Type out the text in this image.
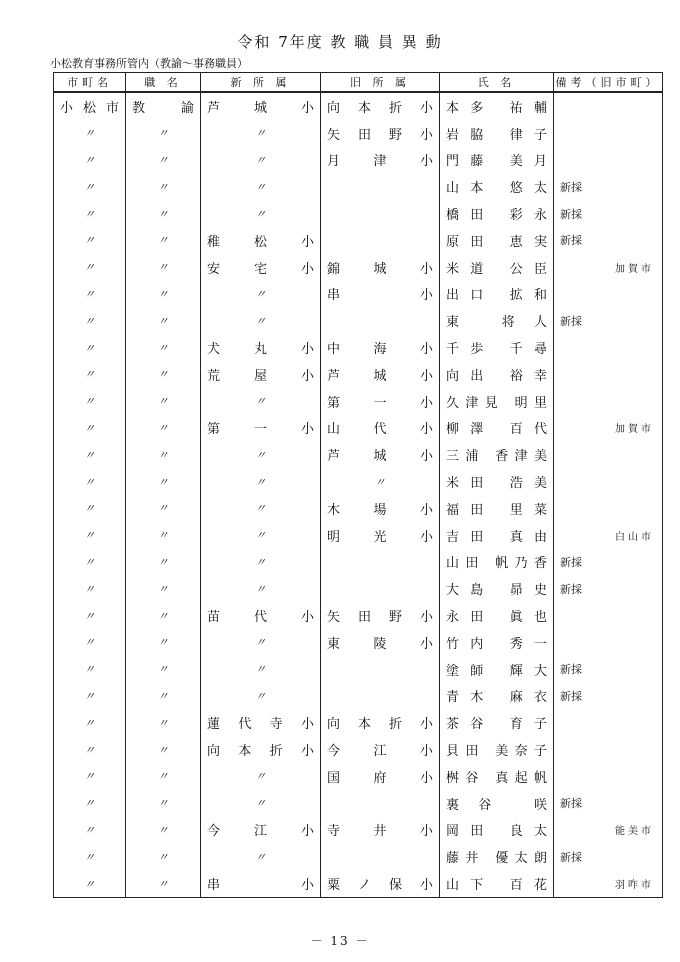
令和 7年度 教 職 員 異 動
小松教育事務所管内（教諭～事務職員）
市町名	職 名	新 所 属	旧 所 属	氏 名	備考（旧市町）

小松市	教諭	芦城小	向本折小	本多 祐輔	

〃	〃	〃	矢田野小	岩脇 律子	

〃	〃	〃	月津小	門藤 美月	

〃	〃	〃		山本 悠太	新採
〃	〃	〃		橋田 彩永	新採
〃	〃	稚松小		原田 恵実	新採
〃	〃	安宅小	錦城小	米道 公臣	加賀市
〃	〃	〃	串小	出口 拡和	

〃	〃	〃		東 将人	新採
〃	〃	犬丸小	中海小	千歩 千尋	

〃	〃	荒屋小	芦城小	向出 裕幸	

〃	〃	〃	第一小	久津見 明里	

〃	〃	第一小	山代小	柳澤 百代	加賀市
〃	〃	〃	芦城小	三浦 香津美	

〃	〃	〃	〃	米田 浩美	

〃	〃	〃	木場小	福田 里菜	

〃	〃	〃	明光小	吉田 真由	白山市
〃	〃	〃		山田 帆乃香	新採
〃	〃	〃		大島 昴史	新採
〃	〃	苗代小	矢田野小	永田 眞也	

〃	〃	〃	東陵小	竹内 秀一	

〃	〃	〃		塗師 輝大	新採
〃	〃	〃		青木 麻衣	新採
〃	〃	蓮代寺小	向本折小	茶谷 育子	

〃	〃	向本折小	今江小	貝田 美奈子	

〃	〃	〃	国府小	桝谷 真起帆	

〃	〃	〃		裏谷 咲	新採
〃	〃	今江小	寺井小	岡田 良太	能美市
〃	〃	〃		藤井 優太朗	新採
〃	〃	串小	粟ノ保小	山下 百花	羽咋市
－ 13 －
